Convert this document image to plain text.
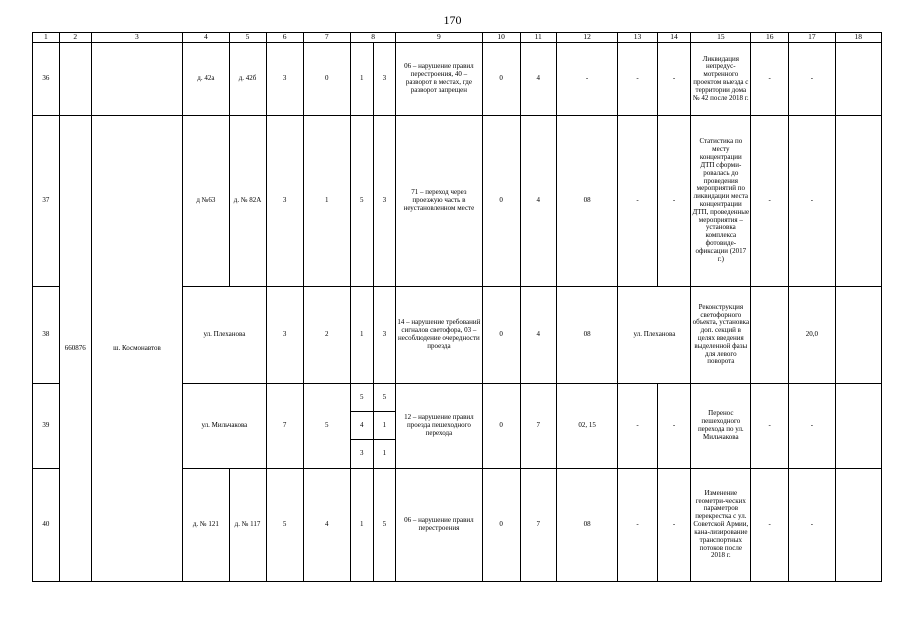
170
1	2	3	4	5	6	7	8		9	10	11	12	13	14	15	16	17	18
36			д. 42а	д. 42б	3	0	1	3	06 – нарушение правил перестроения, 40 – разворот в местах, где разворот запрещен	0	4	-	-	-	Ликвидация непредус-мотренного проектом выезда с территории дома № 42 после 2018 г.	-	-	
37	660876	ш. Космонавтов	д №63	д. № 82А	3	1	5	3	71 – переход через проезжую часть в неустановленном месте	0	4	08	-	-	Статистика по месту концентрации ДТП сформи-ровалась до проведения мероприятий по ликвидации места концентрации ДТП, проведенные мероприятия – установка комплекса фотовиде-офиксации (2017 г.)	-	-	
38			ул. Плеханова		3	2	1	3	14 – нарушение требований сигналов светофора, 03 – несоблюдение очередности проезда	0	4	08	ул. Плеханова		Реконструкция светофорного объекта, установка доп. секций в целях введения выделенной фазы для левого поворота		20,0	
39			ул. Мильчакова		7	5	5	5	12 – нарушение правил проезда пешеходного перехода	0	7	02, 15	-	-	Перенос пешеходного перехода по ул. Мильчакова	-	-	
							4	1										
							3	1										
40			д. № 121	д. № 117	5	4	1	5	06 – нарушение правил перестроения	0	7	08	-	-	Изменение геометри-ческих параметров перекрестка с ул. Советской Армии, кана-лизирование транспортных потоков после 2018 г.	-	-	
